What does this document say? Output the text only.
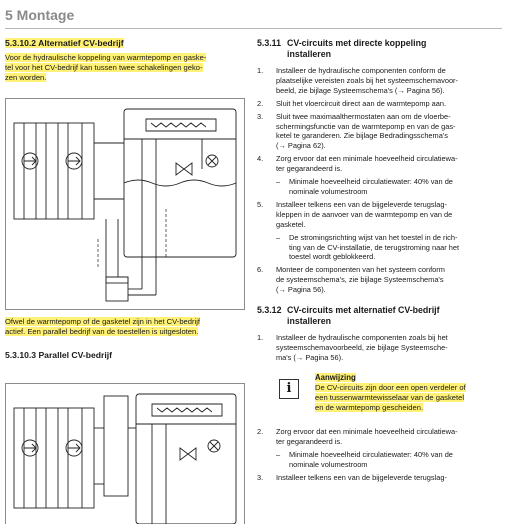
5 Montage
5.3.10.2 Alternatief CV-bedrijf
Voor de hydraulische koppeling van warmtepomp en gaske-
tel voor het CV-bedrijf kan tussen twee schakelingen geko-
zen worden.
Ofwel de warmtepomp of de gasketel zijn in het CV-bedrijf
actief. Een parallel bedrijf van de toestellen is uitgesloten.
5.3.10.3 Parallel CV-bedrijf
5.3.11 CV-circuits met directe koppeling
installeren
1.	Installeer de hydraulische componenten conform de
plaatselijke vereisten zoals bij het systeemschemavoor-
beeld, zie bijlage Systeemschema's (→ Pagina 56).
2.	Sluit het vloercircuit direct aan de warmtepomp aan.
3.	Sluit twee maximaalthermostaten aan om de vloerbe-
schermingsfunctie van de warmtepomp en van de gas-
ketel te garanderen. Zie bijlage Bedradingsschema's
(→ Pagina 62).
4.	Zorg ervoor dat een minimale hoeveelheid circulatiewa-
ter gegarandeerd is.
–	Minimale hoeveelheid circulatiewater: 40% van de
nominale volumestroom
5.	Installeer telkens een van de bijgeleverde terugslag-
kleppen in de aanvoer van de warmtepomp en van de
gasketel.
–	De stromingsrichting wijst van het toestel in de rich-
ting van de CV-installatie, de terugstroming naar het
toestel wordt geblokkeerd.
6.	Monteer de componenten van het systeem conform
de systeemschema's, zie bijlage Systeemschema's
(→ Pagina 56).
5.3.12 CV-circuits met alternatief CV-bedrijf
installeren
1.	Installeer de hydraulische componenten zoals bij het
systeemschemavoorbeeld, zie bijlage Systeemsche-
ma's (→ Pagina 56).
i
Aanwijzing
De CV-circuits zijn door een open verdeler of
een tussenwarmtewisselaar van de gasketel
en de warmtepomp gescheiden.
2.	Zorg ervoor dat een minimale hoeveelheid circulatiewa-
ter gegarandeerd is.
–	Minimale hoeveelheid circulatiewater: 40% van de
nominale volumestroom
3.	Installeer telkens een van de bijgeleverde terugslag-
